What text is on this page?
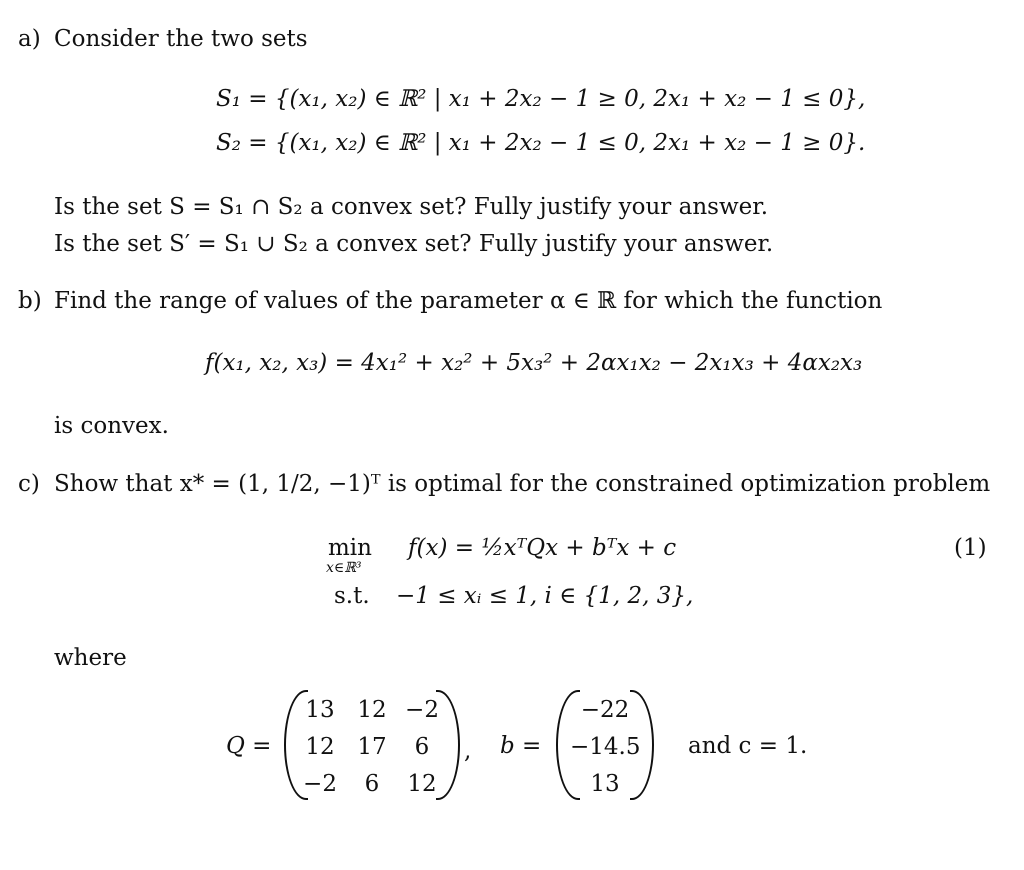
a) Consider the two sets
S₁ = {(x₁, x₂) ∈ ℝ² | x₁ + 2x₂ − 1 ≥ 0, 2x₁ + x₂ − 1 ≤ 0},
S₂ = {(x₁, x₂) ∈ ℝ² | x₁ + 2x₂ − 1 ≤ 0, 2x₁ + x₂ − 1 ≥ 0}.
Is the set S = S₁ ∩ S₂ a convex set? Fully justify your answer.
Is the set S′ = S₁ ∪ S₂ a convex set? Fully justify your answer.
b) Find the range of values of the parameter α ∈ ℝ for which the function
f(x₁, x₂, x₃) = 4x₁² + x₂² + 5x₃² + 2αx₁x₂ − 2x₁x₃ + 4αx₂x₃
is convex.
c) Show that x* = (1, 1/2, −1)ᵀ is optimal for the constrained optimization problem
min
x∈ℝ³
f(x) = ½xᵀQx + bᵀx + c	(1)
s.t. −1 ≤ xᵢ ≤ 1, i ∈ {1, 2, 3},
where
Q =
13 12 −2
12 17	6
−2	6	12
, b =
−22
−14.5
13
and c = 1.
